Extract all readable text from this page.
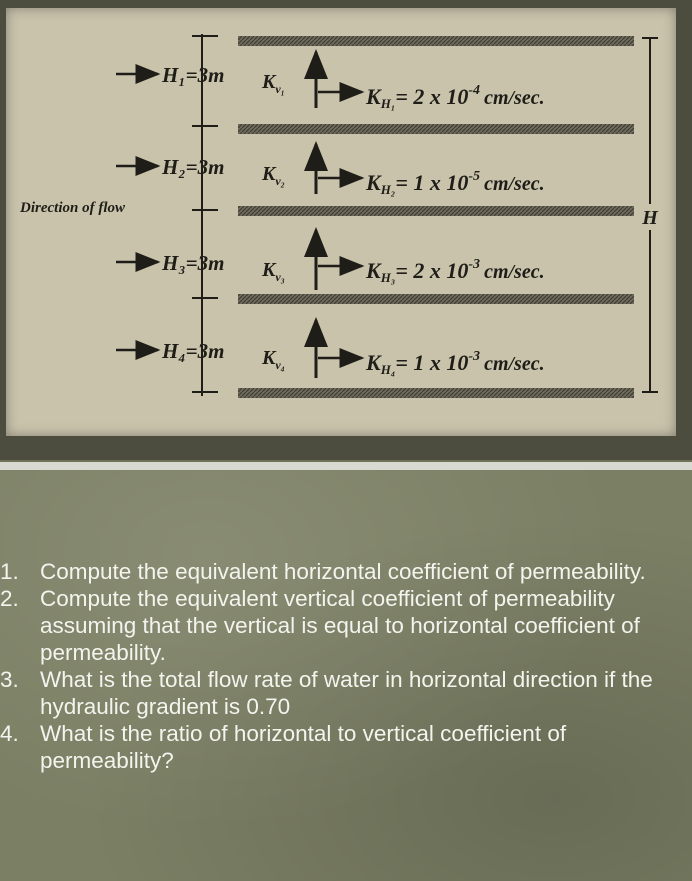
H
Direction of flow
H₁=3m $K_{v_1}$	KH₁= 2 x $10^{-4}$ cm/sec.
H₂=3m $K_{v_2}$	KH₂= 1 x $10^{-5}$ cm/sec.
H₃=3m $K_{v_3}$	KH₃= 2 x $10^{-3}$ cm/sec.
H₄=3m $K_{v_4}$	KH₄= 1 x $10^{-3}$ cm/sec.
1. Compute the equivalent horizontal coefficient of permeability.
2. Compute the equivalent vertical coefficient of permeability assuming that the vertical is equal to horizontal coefficient of permeability.
3. What is the total flow rate of water in horizontal direction if the hydraulic gradient is 0.70
4. What is the ratio of horizontal to vertical coefficient of permeability?
